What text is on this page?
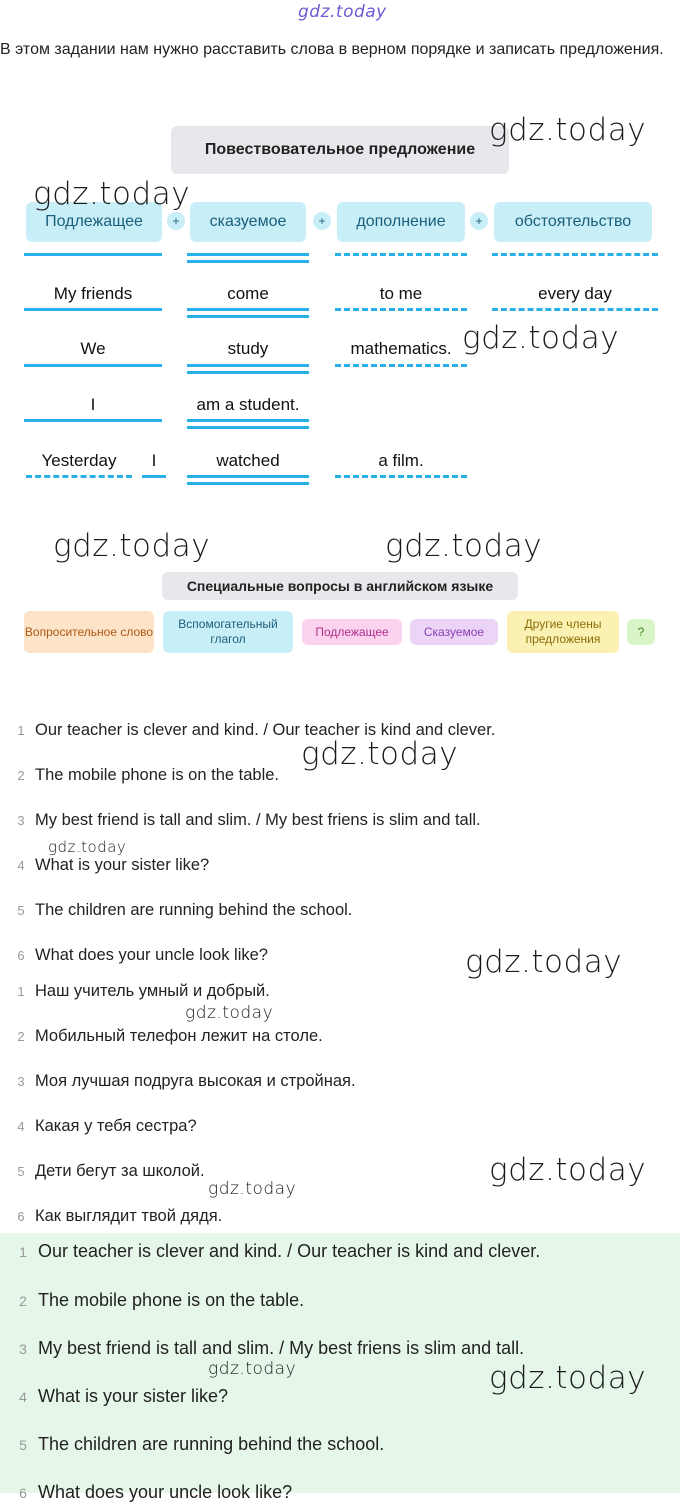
gdz.today
В этом задании нам нужно расставить слова в верном порядке и записать предложения.
Повествовательное предложение
Подлежащее	+	сказуемое	+	дополнение	+	обстоятельство
My friends	come	to me	every day
We	study	mathematics.
I	am a student.
Yesterday	I	watched	a film.
Специальные вопросы в английском языке
Вопросительное слово
Вспомогательный глагол
Подлежащее	Сказуемое
Другие члены предложения
?
1 Our teacher is clever and kind. / Our teacher is kind and clever.
2 The mobile phone is on the table.
3 My best friend is tall and slim. / My best friens is slim and tall.
4 What is your sister like?
5 The children are running behind the school.
6 What does your uncle look like?
1 Наш учитель умный и добрый.
2 Мобильный телефон лежит на столе.
3 Моя лучшая подруга высокая и стройная.
4 Какая у тебя сестра?
5 Дети бегут за школой.
6 Как выглядит твой дядя.
1 Our teacher is clever and kind. / Our teacher is kind and clever.
2 The mobile phone is on the table.
3 My best friend is tall and slim. / My best friens is slim and tall.
4 What is your sister like?
5 The children are running behind the school.
6 What does your uncle look like?
gdz.today
gdz.today
gdz.today
gdz.today	gdz.today
gdz.today
gdz.today
gdz.today
gdz.today
gdz.today
gdz.today
gdz.today	gdz.today
